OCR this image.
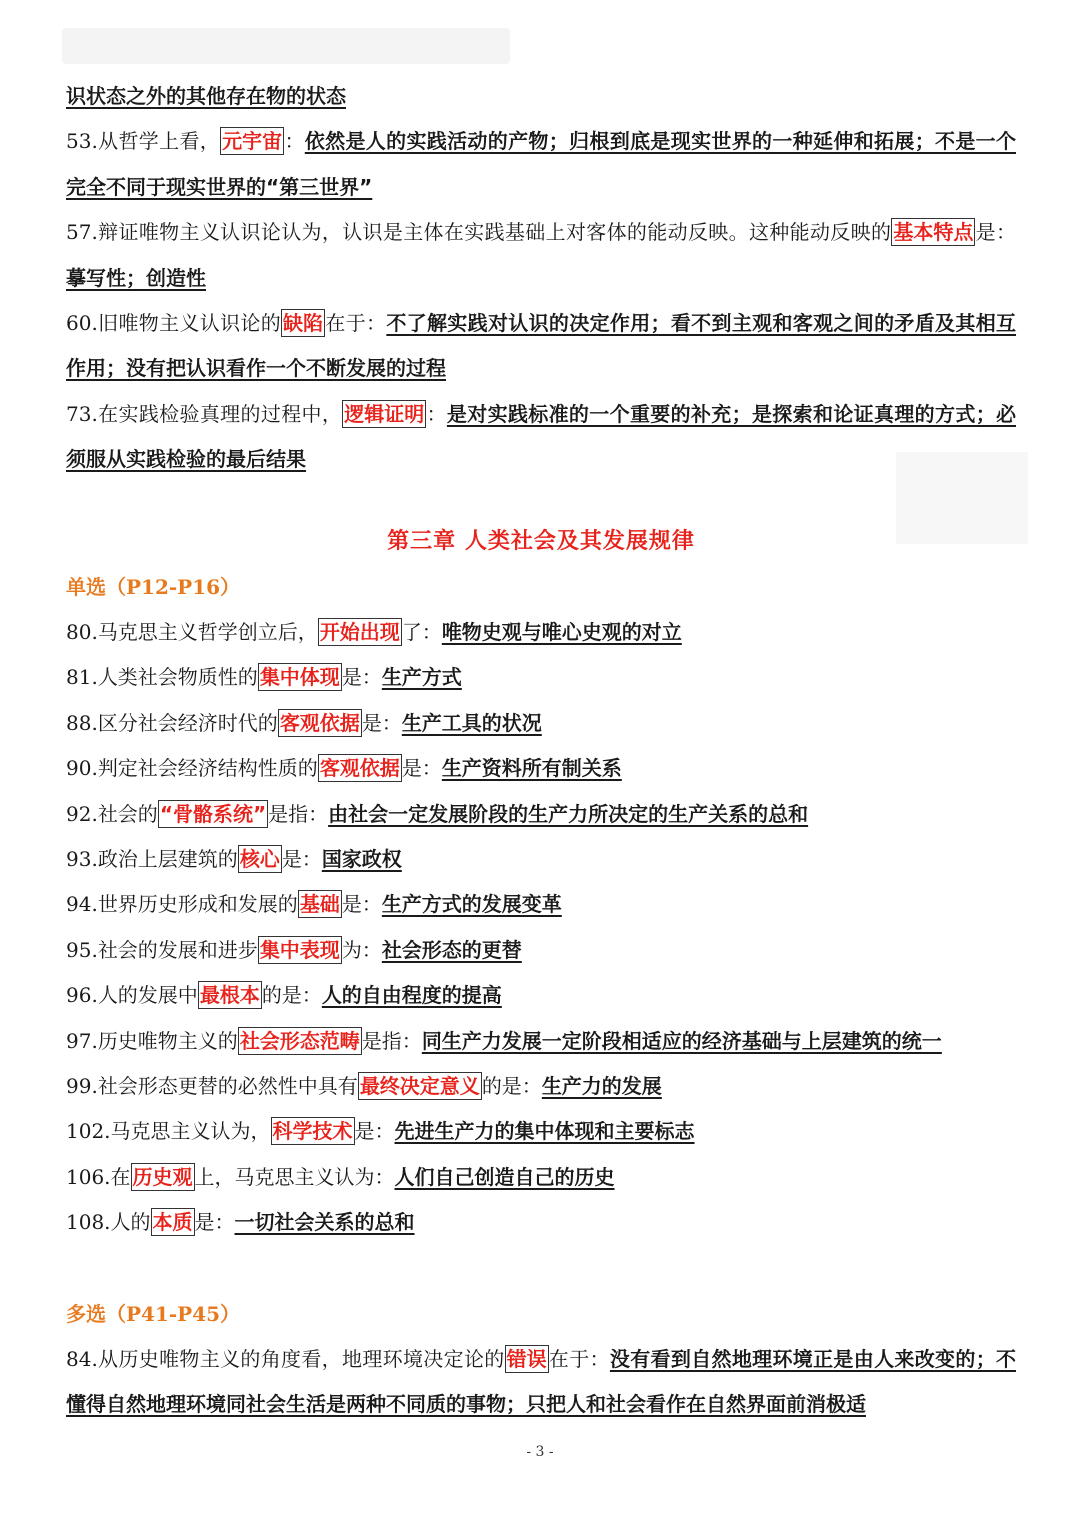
识状态之外的其他存在物的状态
53.从哲学上看， 元宇宙 ：依然是人的实践活动的产物；归根到底是现实世界的一种延伸和拓展；不是一个完全不同于现实世界的“第三世界”
57.辩证唯物主义认识论认为，认识是主体在实践基础上对客体的能动反映。这种能动反映的 基本特点 是：摹写性；创造性
60.旧唯物主义认识论的 缺陷 在于：不了解实践对认识的决定作用；看不到主观和客观之间的矛盾及其相互作用；没有把认识看作一个不断发展的过程
73.在实践检验真理的过程中， 逻辑证明 ：是对实践标准的一个重要的补充；是探索和论证真理的方式；必须服从实践检验的最后结果
第三章 人类社会及其发展规律
单选（P12-P16）
80.马克思主义哲学创立后， 开始出现 了：唯物史观与唯心史观的对立
81.人类社会物质性的 集中体现 是：生产方式
88.区分社会经济时代的 客观依据 是：生产工具的状况
90.判定社会经济结构性质的 客观依据 是：生产资料所有制关系
92.社会的 “骨骼系统” 是指：由社会一定发展阶段的生产力所决定的生产关系的总和
93.政治上层建筑的 核心 是：国家政权
94.世界历史形成和发展的 基础 是：生产方式的发展变革
95.社会的发展和进步 集中表现 为：社会形态的更替
96.人的发展中 最根本 的是：人的自由程度的提高
97.历史唯物主义的 社会形态范畴 是指：同生产力发展一定阶段相适应的经济基础与上层建筑的统一
99.社会形态更替的必然性中具有 最终决定意义 的是：生产力的发展
102.马克思主义认为， 科学技术 是：先进生产力的集中体现和主要标志
106.在 历史观 上，马克思主义认为：人们自己创造自己的历史
108.人的 本质 是：一切社会关系的总和
多选（P41-P45）
84.从历史唯物主义的角度看，地理环境决定论的 错误 在于：没有看到自然地理环境正是由人来改变的；不懂得自然地理环境同社会生活是两种不同质的事物；只把人和社会看作在自然界面前消极适
- 3 -
